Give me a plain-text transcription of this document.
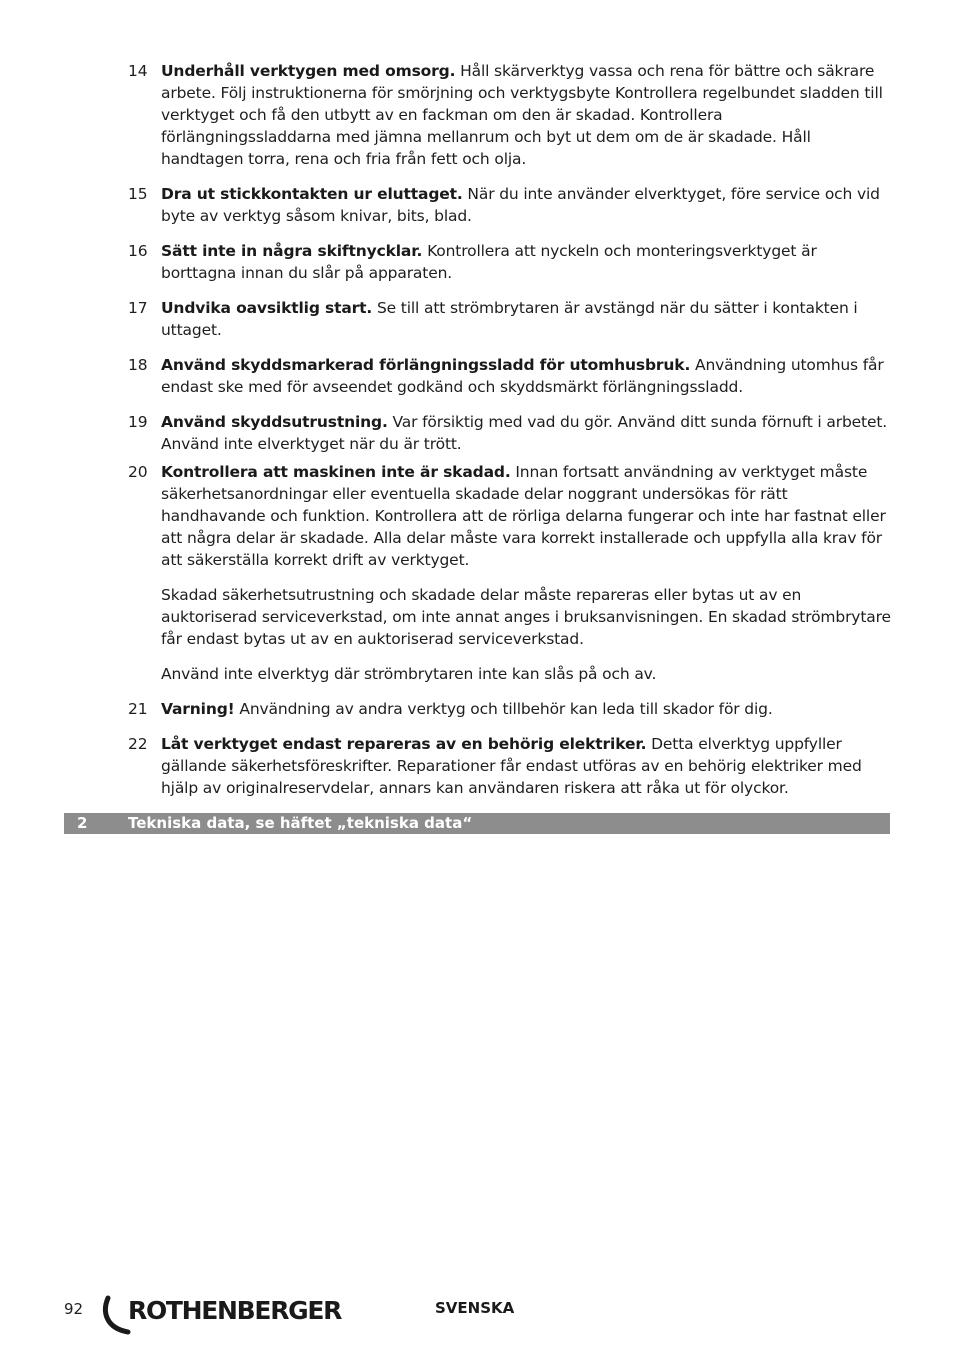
14 Underhåll verktygen med omsorg. Håll skärverktyg vassa och rena för bättre och säkrare arbete. Följ instruktionerna för smörjning och verktygsbyte Kontrollera regelbundet sladden till verktyget och få den utbytt av en fackman om den är skadad. Kontrollera förlängningssladdarna med jämna mellanrum och byt ut dem om de är skadade. Håll handtagen torra, rena och fria från fett och olja.
15 Dra ut stickkontakten ur eluttaget. När du inte använder elverktyget, före service och vid byte av verktyg såsom knivar, bits, blad.
16 Sätt inte in några skiftnycklar. Kontrollera att nyckeln och monteringsverktyget är borttagna innan du slår på apparaten.
17 Undvika oavsiktlig start. Se till att strömbrytaren är avstängd när du sätter i kontakten i uttaget.
18 Använd skyddsmarkerad förlängningssladd för utomhusbruk. Användning utomhus får endast ske med för avseendet godkänd och skyddsmärkt förlängningssladd.
19 Använd skyddsutrustning. Var försiktig med vad du gör. Använd ditt sunda förnuft i arbetet. Använd inte elverktyget när du är trött.
20 Kontrollera att maskinen inte är skadad. Innan fortsatt användning av verktyget måste säkerhetsanordningar eller eventuella skadade delar noggrant undersökas för rätt handhavande och funktion. Kontrollera att de rörliga delarna fungerar och inte har fastnat eller att några delar är skadade. Alla delar måste vara korrekt installerade och uppfylla alla krav för att säkerställa korrekt drift av verktyget.
Skadad säkerhetsutrustning och skadade delar måste repareras eller bytas ut av en auktoriserad serviceverkstad, om inte annat anges i bruksanvisningen. En skadad strömbrytare får endast bytas ut av en auktoriserad serviceverkstad.
Använd inte elverktyg där strömbrytaren inte kan slås på och av.
21 Varning! Användning av andra verktyg och tillbehör kan leda till skador för dig.
22 Låt verktyget endast repareras av en behörig elektriker. Detta elverktyg uppfyller gällande säkerhetsföreskrifter. Reparationer får endast utföras av en behörig elektriker med hjälp av originalreservdelar, annars kan användaren riskera att råka ut för olyckor.
2	Tekniska data, se häftet „tekniska data“
92 ROTHENBERGER	SVENSKA
